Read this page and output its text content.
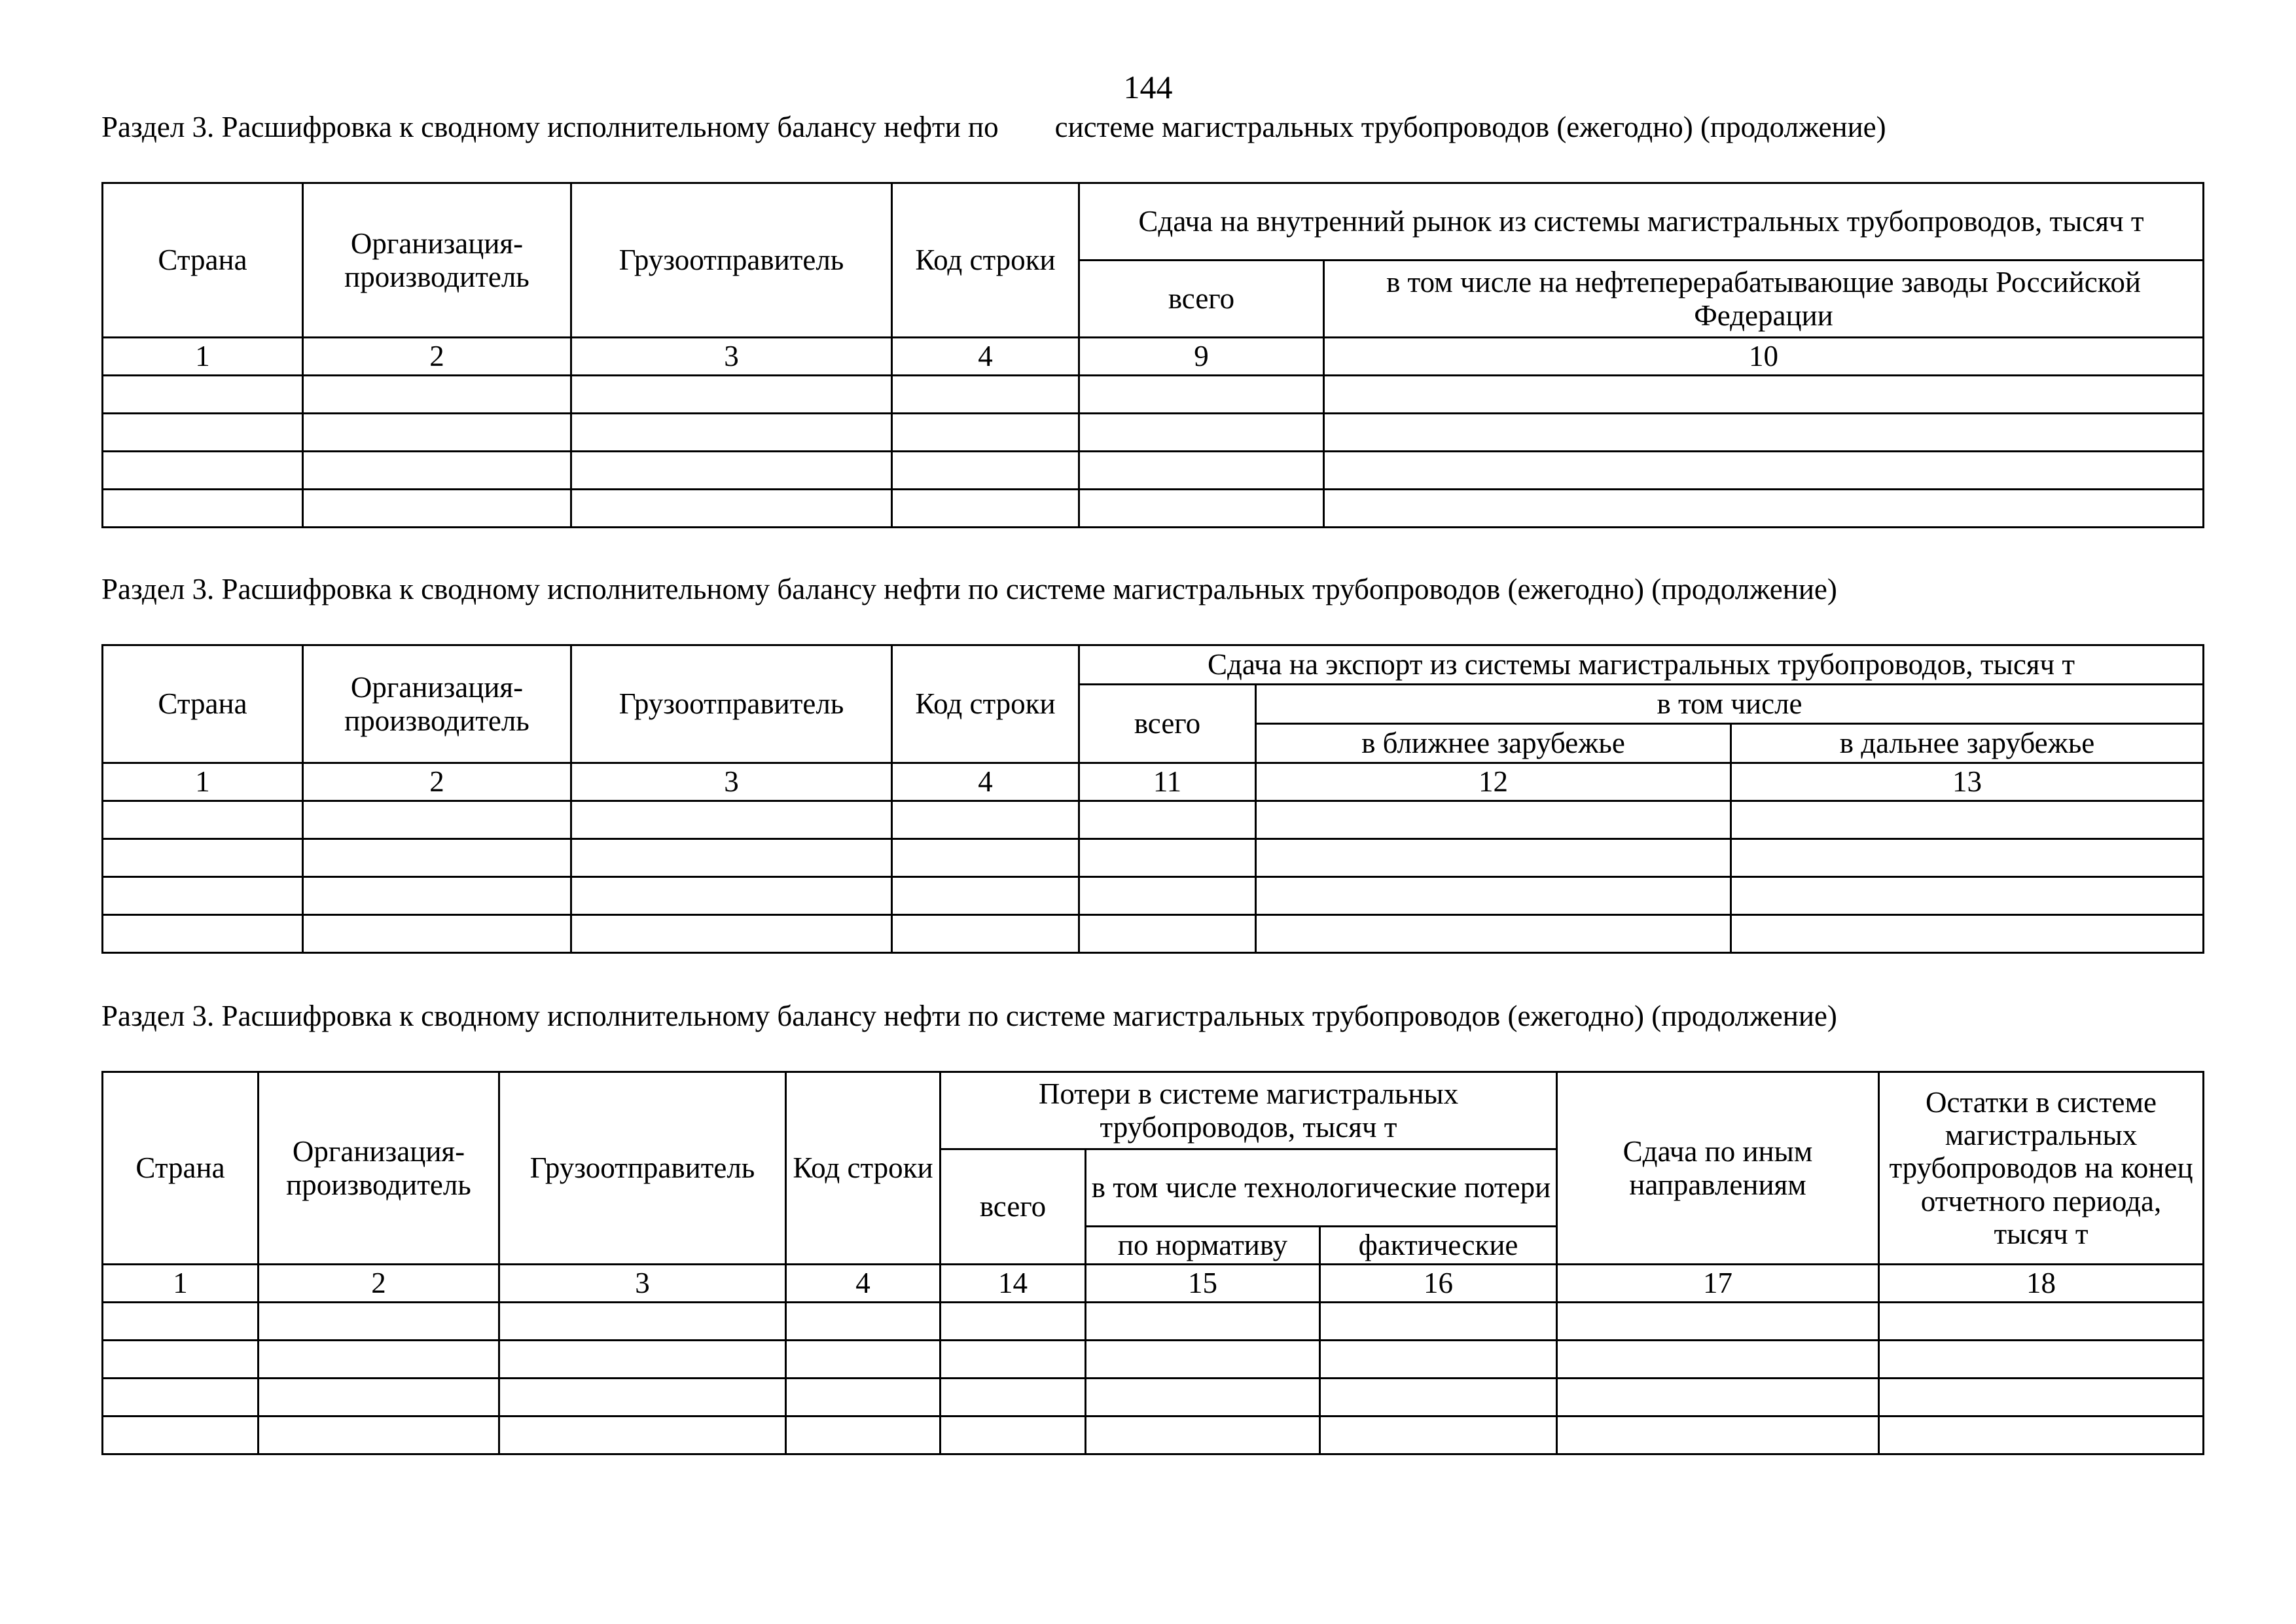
144
Раздел 3. Расшифровка к сводному исполнительному балансу нефти по системе магистральных трубопроводов (ежегодно) (продолжение)
Страна	Организация-производитель	Грузоотправитель	Код строки	Сдача на внутренний рынок из системы магистральных трубопроводов, тысяч т	
				всего	в том числе на нефтеперерабатывающие заводы Российской Федерации
1	2	3	4	9	10

Раздел 3. Расшифровка к сводному исполнительному балансу нефти по системе магистральных трубопроводов (ежегодно) (продолжение)
Страна	Организация-производитель	Грузоотправитель	Код строки	Сдача на экспорт из системы магистральных трубопроводов, тысяч т		
				всего	в том числе	
					в ближнее зарубежье	в дальнее зарубежье
1	2	3	4	11	12	13

Раздел 3. Расшифровка к сводному исполнительному балансу нефти по системе магистральных трубопроводов (ежегодно) (продолжение)
Страна	Организация-производитель	Грузоотправитель	Код строки	Потери в системе магистральных трубопроводов, тысяч т			Сдача по иным направлениям	Остатки в системе магистральных трубопроводов на конец отчетного периода, тысяч т
				всего	в том числе технологические потери			
					по нормативу	фактические		
1	2	3	4	14	15	16	17	18
